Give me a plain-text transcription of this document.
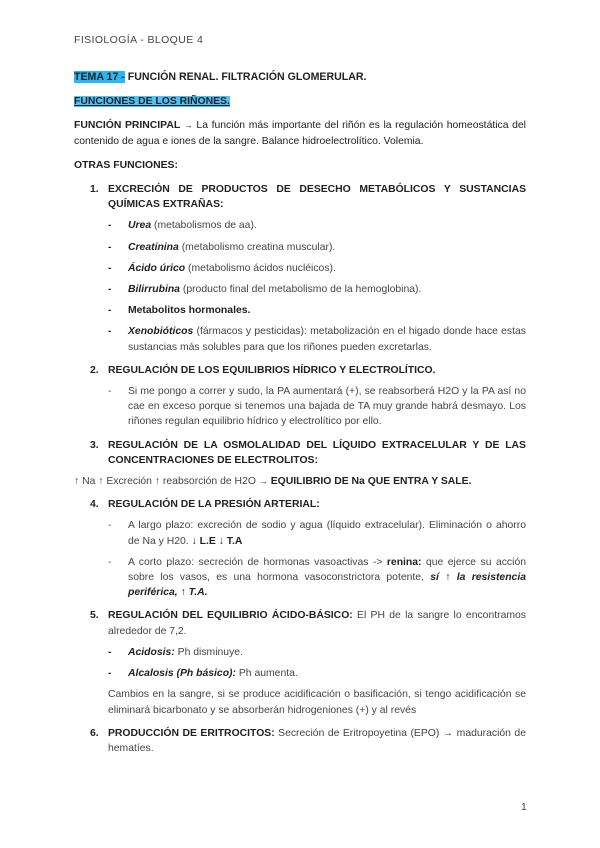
FISIOLOGÍA - BLOQUE 4
TEMA 17 - FUNCIÓN RENAL. FILTRACIÓN GLOMERULAR.
FUNCIONES DE LOS RIÑONES.

FUNCIÓN PRINCIPAL → La función más importante del riñón es la regulación homeostática del contenido de agua e iones de la sangre. Balance hidroelectrolítico. Volemia.

OTRAS FUNCIONES:

1. EXCRECIÓN DE PRODUCTOS DE DESECHO METABÓLICOS Y SUSTANCIAS QUÍMICAS EXTRAÑAS:
- Urea (metabolismos de aa).
- Creatinina (metabolismo creatina muscular).
- Ácido úrico (metabolismo ácidos nucléicos).
- Bilirrubina (producto final del metabolismo de la hemoglobina).
- Metabolitos hormonales.
- Xenobióticos (fármacos y pesticidas): metabolización en el higado donde hace estas sustancias más solubles para que los riñones pueden excretarlas.
2. REGULACIÓN DE LOS EQUILIBRIOS HÍDRICO Y ELECTROLÍTICO.
- Si me pongo a correr y sudo, la PA aumentará (+), se reabsorberá H2O y la PA así no cae en exceso porque si tenemos una bajada de TA muy grande habrá desmayo. Los riñones regulan equilibrio hídrico y electrolítico por ello.
3. REGULACIÓN DE LA OSMOLALIDAD DEL LÍQUIDO EXTRACELULAR Y DE LAS CONCENTRACIONES DE ELECTROLITOS:

↑ Na ↑ Excreción ↑ reabsorción de H2O → EQUILIBRIO DE Na QUE ENTRA Y SALE.

4. REGULACIÓN DE LA PRESIÓN ARTERIAL:
- A largo plazo: excreción de sodio y agua (líquido extracelular). Eliminación o ahorro de Na y H20. ↓ L.E ↓ T.A
- A corto plazo: secreción de hormonas vasoactivas -> renina: que ejerce su acción sobre los vasos, es una hormona vasoconstrictora potente, sí ↑ la resistencia periférica, ↑ T.A.
5. REGULACIÓN DEL EQUILIBRIO ÁCIDO-BÁSICO: El PH de la sangre lo encontramos alrededor de 7,2.
- Acidosis: Ph disminuye.
- Alcalosis (Ph básico): Ph aumenta.

Cambios en la sangre, si se produce acidificación o basificación, si tengo acidificación se eliminará bicarbonato y se absorberán hidrogeniones (+) y al revés

6. PRODUCCIÓN DE ERITROCITOS: Secreción de Eritropoyetina (EPO) → maduración de hematíes.
1
